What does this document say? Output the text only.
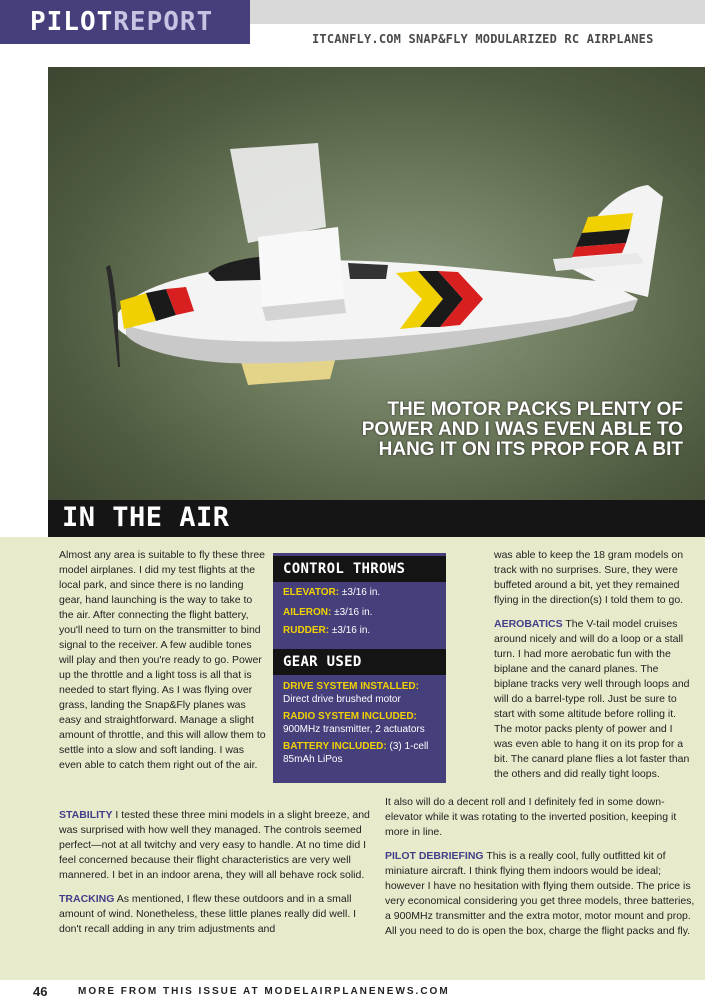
PILOTREPORT
ITCANFLY.COM SNAP&FLY MODULARIZED RC AIRPLANES
THE MOTOR PACKS PLENTY OF POWER AND I WAS EVEN ABLE TO HANG IT ON ITS PROP FOR A BIT
IN THE AIR

Almost any area is suitable to fly these three model airplanes. I did my test flights at the local park, and since there is no landing gear, hand launching is the way to take to the air. After connecting the flight battery, you'll need to turn on the transmitter to bind signal to the receiver. A few audible tones will play and then you're ready to go. Power up the throttle and a light toss is all that is needed to start flying. As I was flying over grass, landing the Snap&Fly planes was easy and straightforward. Manage a slight amount of throttle, and this will allow them to settle into a slow and soft landing. I was even able to catch them right out of the air.

CONTROL THROWS
ELEVATOR: ±3/16 in.
AILERON: ±3/16 in.
RUDDER: ±3/16 in.
GEAR USED
DRIVE SYSTEM INSTALLED:
Direct drive brushed motor
RADIO SYSTEM INCLUDED:
900MHz transmitter, 2 actuators
BATTERY INCLUDED: (3) 1-cell 85mAh LiPos

was able to keep the 18 gram models on track with no surprises. Sure, they were buffeted around a bit, yet they remained flying in the direction(s) I told them to go.

AEROBATICS The V-tail model cruises around nicely and will do a loop or a stall turn. I had more aerobatic fun with the biplane and the canard planes. The biplane tracks very well through loops and will do a barrel-type roll. Just be sure to start with some altitude before rolling it. The motor packs plenty of power and I was even able to hang it on its prop for a bit. The canard plane flies a lot faster than the others and did really tight loops.

STABILITY I tested these three mini models in a slight breeze, and was surprised with how well they managed. The controls seemed perfect—not at all twitchy and very easy to handle. At no time did I feel concerned because their flight characteristics are very well mannered. I bet in an indoor arena, they will all behave rock solid.

TRACKING As mentioned, I flew these outdoors and in a small amount of wind. Nonetheless, these little planes really did well. I don't recall adding in any trim adjustments and

It also will do a decent roll and I definitely fed in some down-elevator while it was rotating to the inverted position, keeping it more in line.

PILOT DEBRIEFING This is a really cool, fully outfitted kit of miniature aircraft. I think flying them indoors would be ideal; however I have no hesitation with flying them outside. The price is very economical considering you get three models, three batteries, a 900MHz transmitter and the extra motor, motor mount and prop. All you need to do is open the box, charge the flight packs and fly.

46	MORE FROM THIS ISSUE AT MODELAIRPLANENEWS.COM
